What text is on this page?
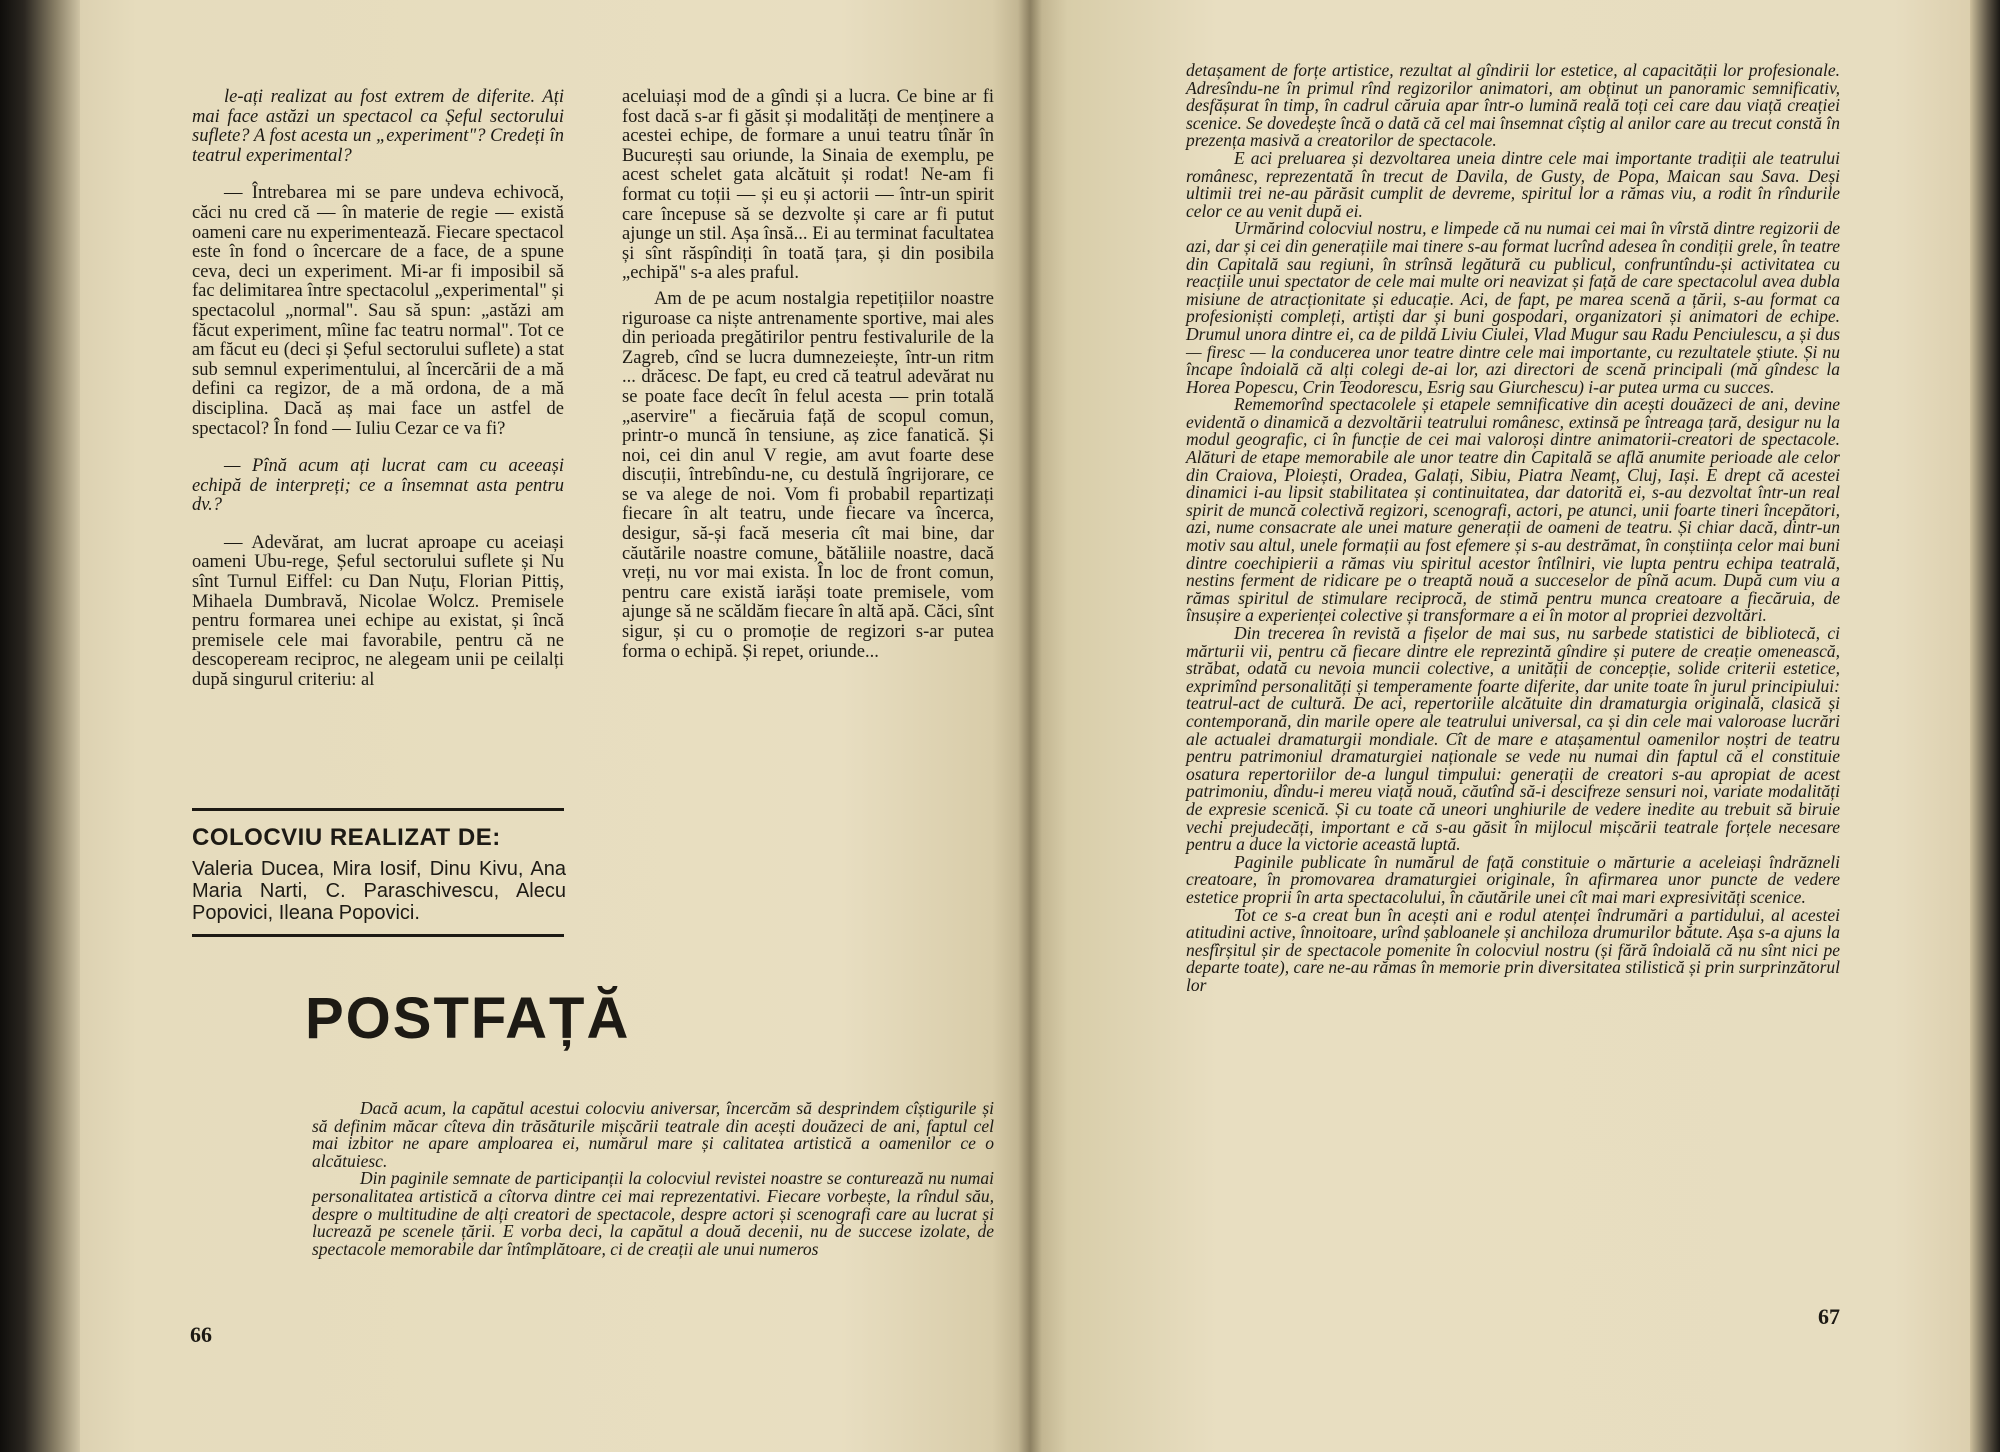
le-ați realizat au fost extrem de diferite. Ați mai face astăzi un spectacol ca Șeful sectorului suflete? A fost acesta un „experiment"? Credeți în teatrul experimental?

— Întrebarea mi se pare undeva echivocă, căci nu cred că — în materie de regie — există oameni care nu experimentează. Fiecare spectacol este în fond o încercare de a face, de a spune ceva, deci un experiment. Mi-ar fi imposibil să fac delimitarea între spectacolul „experimental" și spectacolul „normal". Sau să spun: „astăzi am făcut experiment, mîine fac teatru normal". Tot ce am făcut eu (deci și Șeful sectorului suflete) a stat sub semnul experimentului, al încercării de a mă defini ca regizor, de a mă ordona, de a mă disciplina. Dacă aș mai face un astfel de spectacol? În fond — Iuliu Cezar ce va fi?

— Pînă acum ați lucrat cam cu aceeași echipă de interpreți; ce a însemnat asta pentru dv.?

— Adevărat, am lucrat aproape cu aceiași oameni Ubu-rege, Șeful sectorului suflete și Nu sînt Turnul Eiffel: cu Dan Nuțu, Florian Pittiș, Mihaela Dumbravă, Nicolae Wolcz. Premisele pentru formarea unei echipe au existat, și încă premisele cele mai favorabile, pentru că ne descopeream reciproc, ne alegeam unii pe ceilalți după singurul criteriu: al

aceluiași mod de a gîndi și a lucra. Ce bine ar fi fost dacă s-ar fi găsit și modalități de menținere a acestei echipe, de formare a unui teatru tînăr în București sau oriunde, la Sinaia de exemplu, pe acest schelet gata alcătuit și rodat! Ne-am fi format cu toții — și eu și actorii — într-un spirit care începuse să se dezvolte și care ar fi putut ajunge un stil. Așa însă... Ei au terminat facultatea și sînt răspîndiți în toată țara, și din posibila „echipă" s-a ales praful.

Am de pe acum nostalgia repetițiilor noastre riguroase ca niște antrenamente sportive, mai ales din perioada pregătirilor pentru festivalurile de la Zagreb, cînd se lucra dumnezeiește, într-un ritm ... drăcesc. De fapt, eu cred că teatrul adevărat nu se poate face decît în felul acesta — prin totală „aservire" a fiecăruia față de scopul comun, printr-o muncă în tensiune, aș zice fanatică. Și noi, cei din anul V regie, am avut foarte dese discuții, întrebîndu-ne, cu destulă îngrijorare, ce se va alege de noi. Vom fi probabil repartizați fiecare în alt teatru, unde fiecare va încerca, desigur, să-și facă meseria cît mai bine, dar căutările noastre comune, bătăliile noastre, dacă vreți, nu vor mai exista. În loc de front comun, pentru care există iarăși toate premisele, vom ajunge să ne scăldăm fiecare în altă apă. Căci, sînt sigur, și cu o promoție de regizori s-ar putea forma o echipă. Și repet, oriunde...

COLOCVIU REALIZAT DE:
Valeria Ducea, Mira Iosif, Dinu Kivu, Ana Maria Narti, C. Paraschivescu, Alecu Popovici, Ileana Popovici.
POSTFAȚĂ

Dacă acum, la capătul acestui colocviu aniversar, încercăm să desprindem cîștigurile și să definim măcar cîteva din trăsăturile mișcării teatrale din acești douăzeci de ani, faptul cel mai izbitor ne apare amploarea ei, numărul mare și calitatea artistică a oamenilor ce o alcătuiesc.

Din paginile semnate de participanții la colocviul revistei noastre se conturează nu numai personalitatea artistică a cîtorva dintre cei mai reprezentativi. Fiecare vorbește, la rîndul său, despre o multitudine de alți creatori de spectacole, despre actori și scenografi care au lucrat și lucrează pe scenele țării. E vorba deci, la capătul a două decenii, nu de succese izolate, de spectacole memorabile dar întîmplătoare, ci de creații ale unui numeros

66

detașament de forțe artistice, rezultat al gîndirii lor estetice, al capacității lor profesionale. Adresîndu-ne în primul rînd regizorilor animatori, am obținut un panoramic semnificativ, desfășurat în timp, în cadrul căruia apar într-o lumină reală toți cei care dau viață creației scenice. Se dovedește încă o dată că cel mai însemnat cîștig al anilor care au trecut constă în prezența masivă a creatorilor de spectacole.

E aci preluarea și dezvoltarea uneia dintre cele mai importante tradiții ale teatrului românesc, reprezentată în trecut de Davila, de Gusty, de Popa, Maican sau Sava. Deși ultimii trei ne-au părăsit cumplit de devreme, spiritul lor a rămas viu, a rodit în rîndurile celor ce au venit după ei.

Urmărind colocviul nostru, e limpede că nu numai cei mai în vîrstă dintre regizorii de azi, dar și cei din generațiile mai tinere s-au format lucrînd adesea în condiții grele, în teatre din Capitală sau regiuni, în strînsă legătură cu publicul, confruntîndu-și activitatea cu reacțiile unui spectator de cele mai multe ori neavizat și față de care spectacolul avea dubla misiune de atracționitate și educație. Aci, de fapt, pe marea scenă a țării, s-au format ca profesioniști compleți, artiști dar și buni gospodari, organizatori și animatori de echipe. Drumul unora dintre ei, ca de pildă Liviu Ciulei, Vlad Mugur sau Radu Penciulescu, a și dus — firesc — la conducerea unor teatre dintre cele mai importante, cu rezultatele știute. Și nu încape îndoială că alți colegi de-ai lor, azi directori de scenă principali (mă gîndesc la Horea Popescu, Crin Teodorescu, Esrig sau Giurchescu) i-ar putea urma cu succes.

Rememorînd spectacolele și etapele semnificative din acești douăzeci de ani, devine evidentă o dinamică a dezvoltării teatrului românesc, extinsă pe întreaga țară, desigur nu la modul geografic, ci în funcție de cei mai valoroși dintre animatorii-creatori de spectacole. Alături de etape memorabile ale unor teatre din Capitală se află anumite perioade ale celor din Craiova, Ploiești, Oradea, Galați, Sibiu, Piatra Neamț, Cluj, Iași. E drept că acestei dinamici i-au lipsit stabilitatea și continuitatea, dar datorită ei, s-au dezvoltat într-un real spirit de muncă colectivă regizori, scenografi, actori, pe atunci, unii foarte tineri începători, azi, nume consacrate ale unei mature generații de oameni de teatru. Și chiar dacă, dintr-un motiv sau altul, unele formații au fost efemere și s-au destrămat, în conștiința celor mai buni dintre coechipierii a rămas viu spiritul acestor întîlniri, vie lupta pentru echipa teatrală, nestins ferment de ridicare pe o treaptă nouă a succeselor de pînă acum. După cum viu a rămas spiritul de stimulare reciprocă, de stimă pentru munca creatoare a fiecăruia, de însușire a experienței colective și transformare a ei în motor al propriei dezvoltări.

Din trecerea în revistă a fișelor de mai sus, nu sarbede statistici de bibliotecă, ci mărturii vii, pentru că fiecare dintre ele reprezintă gîndire și putere de creație omenească, străbat, odată cu nevoia muncii colective, a unității de concepție, solide criterii estetice, exprimînd personalități și temperamente foarte diferite, dar unite toate în jurul principiului: teatrul-act de cultură. De aci, repertoriile alcătuite din dramaturgia originală, clasică și contemporană, din marile opere ale teatrului universal, ca și din cele mai valoroase lucrări ale actualei dramaturgii mondiale. Cît de mare e atașamentul oamenilor noștri de teatru pentru patrimoniul dramaturgiei naționale se vede nu numai din faptul că el constituie osatura repertoriilor de-a lungul timpului: generații de creatori s-au apropiat de acest patrimoniu, dîndu-i mereu viață nouă, căutînd să-i descifreze sensuri noi, variate modalități de expresie scenică. Și cu toate că uneori unghiurile de vedere inedite au trebuit să biruie vechi prejudecăți, important e că s-au găsit în mijlocul mișcării teatrale forțele necesare pentru a duce la victorie această luptă.

Paginile publicate în numărul de față constituie o mărturie a aceleiași îndrăzneli creatoare, în promovarea dramaturgiei originale, în afirmarea unor puncte de vedere estetice proprii în arta spectacolului, în căutările unei cît mai mari expresivități scenice.

Tot ce s-a creat bun în acești ani e rodul atenței îndrumări a partidului, al acestei atitudini active, înnoitoare, urînd șabloanele și anchiloza drumurilor bătute. Așa s-a ajuns la nesfîrșitul șir de spectacole pomenite în colocviul nostru (și fără îndoială că nu sînt nici pe departe toate), care ne-au rămas în memorie prin diversitatea stilistică și prin surprinzătorul lor

67
